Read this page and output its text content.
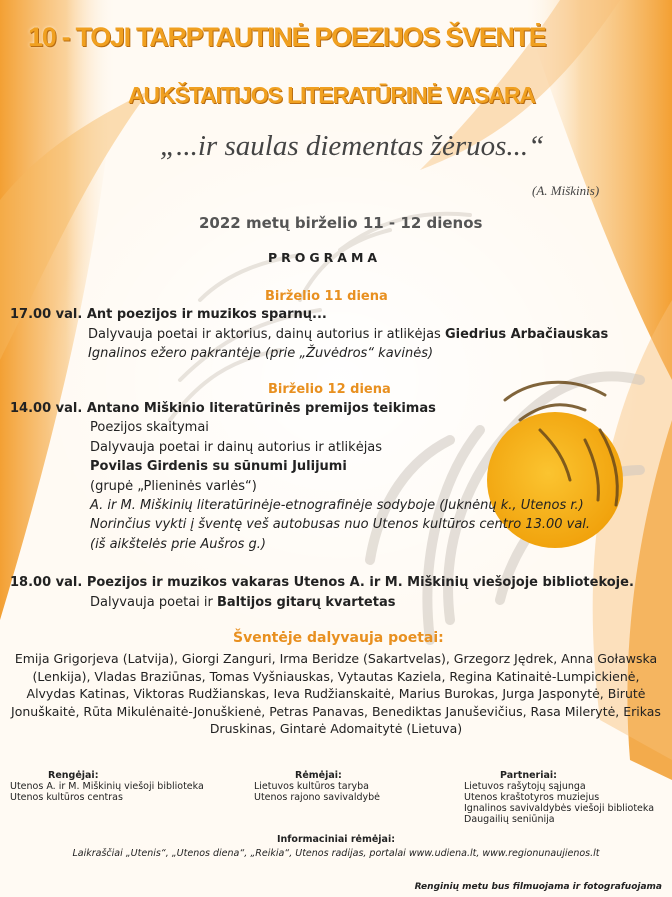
10 - TOJI TARPTAUTINĖ POEZIJOS ŠVENTĖ
AUKŠTAITIJOS LITERATŪRINĖ VASARA
„...ir saulas diementas žėruos...“
(A. Miškinis)
2022 metų birželio 11 - 12 dienos
PROGRAMA
Birželio 11 diena
17.00 val. Ant poezijos ir muzikos sparnų...
Dalyvauja poetai ir aktorius, dainų autorius ir atlikėjas Giedrius Arbačiauskas
Ignalinos ežero pakrantėje (prie „Žuvėdros“ kavinės)
Birželio 12 diena
14.00 val. Antano Miškinio literatūrinės premijos teikimas
Poezijos skaitymai
Dalyvauja poetai ir dainų autorius ir atlikėjas
Povilas Girdenis su sūnumi Julijumi
(grupė „Plieninės varlės“)
A. ir M. Miškinių literatūrinėje-etnografinėje sodyboje (Juknėnų k., Utenos r.)
Norinčius vykti į šventę veš autobusas nuo Utenos kultūros centro 13.00 val.
(iš aikštelės prie Aušros g.)
18.00 val. Poezijos ir muzikos vakaras Utenos A. ir M. Miškinių viešojoje bibliotekoje.
Dalyvauja poetai ir Baltijos gitarų kvartetas
Šventėje dalyvauja poetai:
Emija Grigorjeva (Latvija), Giorgi Zanguri, Irma Beridze (Sakartvelas), Grzegorz Jędrek, Anna Goławska (Lenkija), Vladas Braziūnas, Tomas Vyšniauskas, Vytautas Kaziela, Regina Katinaitė-Lumpickienė, Alvydas Katinas, Viktoras Rudžianskas, Ieva Rudžianskaitė, Marius Burokas, Jurga Jasponytė, Birutė Jonuškaitė, Rūta Mikulėnaitė-Jonuškienė, Petras Panavas, Benediktas Januševičius, Rasa Milerytė, Erikas Druskinas, Gintarė Adomaitytė (Lietuva)
Rengėjai:
Utenos A. ir M. Miškinių viešoji biblioteka
Utenos kultūros centras
Rėmėjai:
Lietuvos kultūros taryba
Utenos rajono savivaldybė
Partneriai:
Lietuvos rašytojų sąjunga
Utenos kraštotyros muziejus
Ignalinos savivaldybės viešoji biblioteka
Daugailių seniūnija
Informaciniai rėmėjai:
Laikraščiai „Utenis“, „Utenos diena“, „Reikia“, Utenos radijas, portalai www.udiena.lt, www.regionunaujienos.lt
Renginių metu bus filmuojama ir fotografuojama
